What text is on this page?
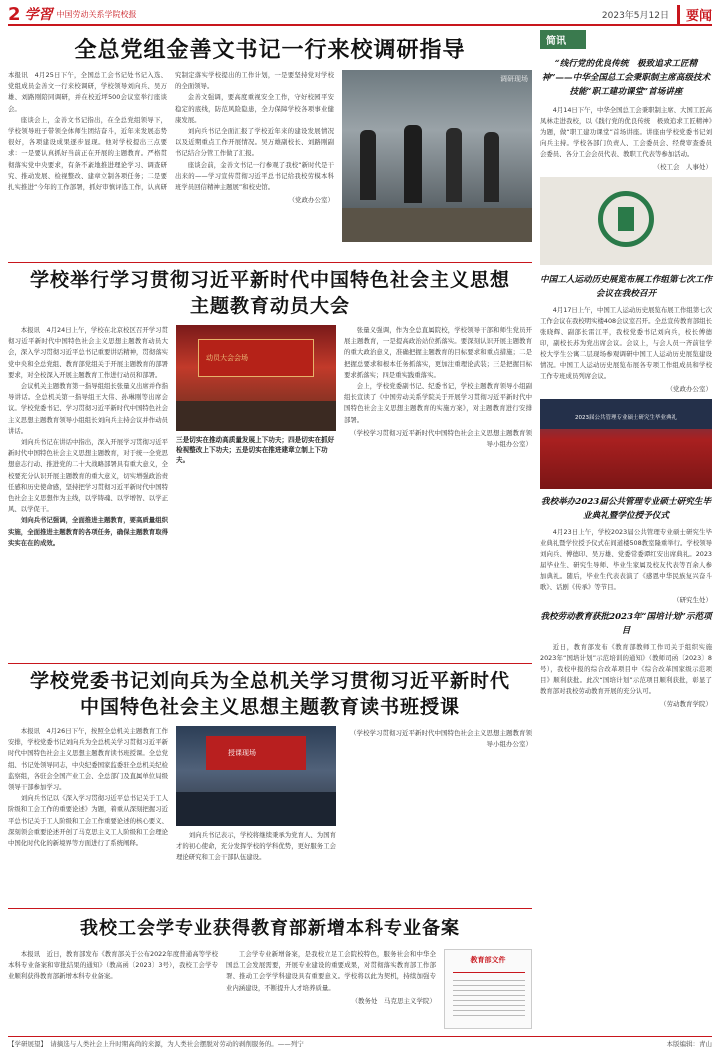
2 学習 中国劳动关系学院校报	2023年5月12日	要闻
全总党组金善文书记一行来校调研指导

本报讯　4月25日下午，全国总工会书记处书记入选、党组成员金善文一行来校调研，学校领导刘向兵、吴万雄、刘路刚陪同调研，并在校近坪500会议室举行座谈会。

座谈会上，金善文书记指出，在全总党组领导下，学校领导班子带领全体师生团结奋斗，近年来发展态势很好，各项建设成果逐步显现。他对学校提出三点要求：一是要认真抓好当前正在开展的主题教育。严格贯彻落实党中央要求，有条不紊地推进理论学习、调查研究、推动发展、检视整改、建章立制各项任务；二是要扎实推进“今年的工作部署，抓好审慎评选工作，认真研究制定落实学校提出的工作计划，一是要坚持党对学校的全面领导。

金善文强调，要高度重视安全工作，守好校园平安稳定的底线，防范风险隐患，全力保障学校各项事业健康发展。

刘向兵书记全面汇报了学校近年来的建设发展情况以及近期重点工作开展情况。吴万雄副校长、刘路刚副书记结合分管工作做了汇报。

座谈会前，金善文书记一行参观了我校“新时代是干出来的——学习宣传贯彻习近平总书记给我校劳模本科班学员回信精神主题展”和校史馆。

（党政办公室）
调研现场
学校举行学习贯彻习近平新时代中国特色社会主义思想
主题教育动员大会

本报讯　4月24日上午，学校在北京校区召开学习贯彻习近平新时代中国特色社会主义思想主题教育动员大会，深入学习贯彻习近平总书记重要讲话精神，贯彻落实党中央和全总党组、教育部党组关于开展主题教育的部署要求，对全校深入开展主题教育工作进行动员和部署。

会议机关主题教育第一指导组组长张量义出席并作指导讲话。全总机关第一指导组王大伟、孙琳刚等出席会议。学校党委书记、学习贯彻习近平新时代中国特色社会主义思想主题教育领导小组组长刘向兵主持会议并作动员讲话。

刘向兵书记在讲话中指出，深入开展学习贯彻习近平新时代中国特色社会主义思想主题教育，对于统一全党思想意志行动、推进党的二十大战略部署具有重大意义，全校要充分认识开展主题教育的重大意义，切实增强政治责任感和历史使命感，坚持把学习贯彻习近平新时代中国特色社会主义思想作为主线，以学铸魂、以学增智、以学正风、以学促干。

刘向兵书记强调，全面推进主题教育，要高质量组织实施，全面推进主题教育的各项任务，确保主题教育取得实实在在的成效。

动员大会会场
三是切实在推动高质量发展上下功夫；四是切实在抓好检视整改上下功夫；五是切实在推进建章立制上下功夫。

张量义强调，作为全总直属院校，学校领导干部和师生党员开展主题教育，一是提高政治站位抓落实。要深刻认识开展主题教育的重大政治意义，准确把握主题教育的目标要求和重点措施；二是把握总要求和根本任务抓落实，更加注重理论武装；三是把握目标要求抓落实；四是重实践重落实。

会上，学校党委副书记、纪委书记，学校主题教育领导小组副组长宣读了《中国劳动关系学院关于开展学习贯彻习近平新时代中国特色社会主义思想主题教育的实施方案》，对主题教育进行安排部署。

（学校学习贯彻习近平新时代中国特色社会主义思想主题教育领导小组办公室）
学校党委书记刘向兵为全总机关学习贯彻习近平新时代
中国特色社会主义思想主题教育读书班授课

本报讯　4月26日下午，按照全总机关主题教育工作安排，学校党委书记刘向兵为全总机关学习贯彻习近平新时代中国特色社会主义思想主题教育读书班授课。全总党组、书记处领导同志，中央纪委国家监委驻全总机关纪检监察组，各驻会全国产业工会、全总部门及直属单位局级领导干部参加学习。

刘向兵书记以《深入学习贯彻习近平总书记关于工人阶级和工会工作的重要论述》为题，着重从深刻把握习近平总书记关于工人阶级和工会工作重要论述的核心要义、深刻领会重要论述开创了马克思主义工人阶级和工会理论中国化时代化的新境界等方面进行了系统阐释。

授课现场

刘向兵书记表示，学校将继续秉承为党育人、为国育才的初心使命，充分发挥学校的学科优势，更好服务工会理论研究和工会干部队伍建设。

（学校学习贯彻习近平新时代中国特色社会主义思想主题教育领导小组办公室）
我校工会学专业获得教育部新增本科专业备案

本报讯　近日，教育部发布《教育部关于公布2022年度普通高等学校本科专业备案和审批结果的通知》（教高函〔2023〕3号），我校工会学专业顺利获得教育部新增本科专业备案。

工会学专业新增备案，是我校立足工会院校特色，服务社会和中华全国总工会发展需要，开展专业建设的重要成果，对贯彻落实教育部工作部署、推动工会学学科建设具有重要意义。学校将以此为契机，持续加强专业内涵建设，不断提升人才培养质量。

（教务处　马克思主义学院）
教育部文件
简讯
“线行党的优良传统　极致追求工匠精神”——中华全国总工会秉职制主席高级技术技能“职工建功课堂”首场讲座
4月14日下午，中华全国总工会秉职制主席、大国工匠高凤林走进我校，以《践行党的优良传统　极致追求工匠精神》为题，做“职工建功课堂”首场讲座。讲座由学校党委书记刘向兵主持。学校各部门负责人、工会委员会、经费审查委员会委员、各分工会会员代表、教职工代表等参加活动。
（校工会　人事处）
中国工人运动历史展览布展工作组第七次工作会议在我校召开
4月17日上午，中国工人运动历史展览布展工作组第七次工作会议在我校明实楼408会议室召开。全总宣传教育部组长张晓辉、副部长雷江平，我校党委书记刘向兵，校长傅德印，副校长苏为党出席会议。会议上，与会人员一齐前往学校大学生公寓二层现场参观调研中国工人运动历史展览建设情况。中国工人运动历史展览布展各专项工作组成员和学校工作专班成员列席会议。
（党政办公室）
2023届公共管理专业硕士研究生毕业典礼
我校举办2023届公共管理专业硕士研究生毕业典礼暨学位授予仪式
4月23日上午，学校2023届公共管理专业硕士研究生毕业典礼暨学位授予仪式在间道楼508教室隆重举行。学校领导刘向兵、傅德印、吴万雄、党委常委谭红安出席典礼。2023届毕业生、研究生导师、毕业生家属及校友代表等百余人参加典礼。随后，毕业生代表表演了《感恩中华民族复兴奋斗歌》、话剧《传承》等节目。
（研究生处）
我校劳动教育获批2023年“国培计划”示范项目
近日，教育部发布《教育部教师工作司关于组织实施2023年“国培计划”示范培训的通知》（教师司函〔2023〕8号），我校申报的综合改革项目中《综合改革国家级示范项目》顺利获批。此次“国培计划”示范项目顺利获批，彰显了教育部对我校劳动教育开展的充分认可。
（劳动教育学院）
【学研展望】　请摘选与人类社会上升时期高尚的来源，为人类社会摆脱对劳动的剥削服务的。——列宁	本版编辑：青山
